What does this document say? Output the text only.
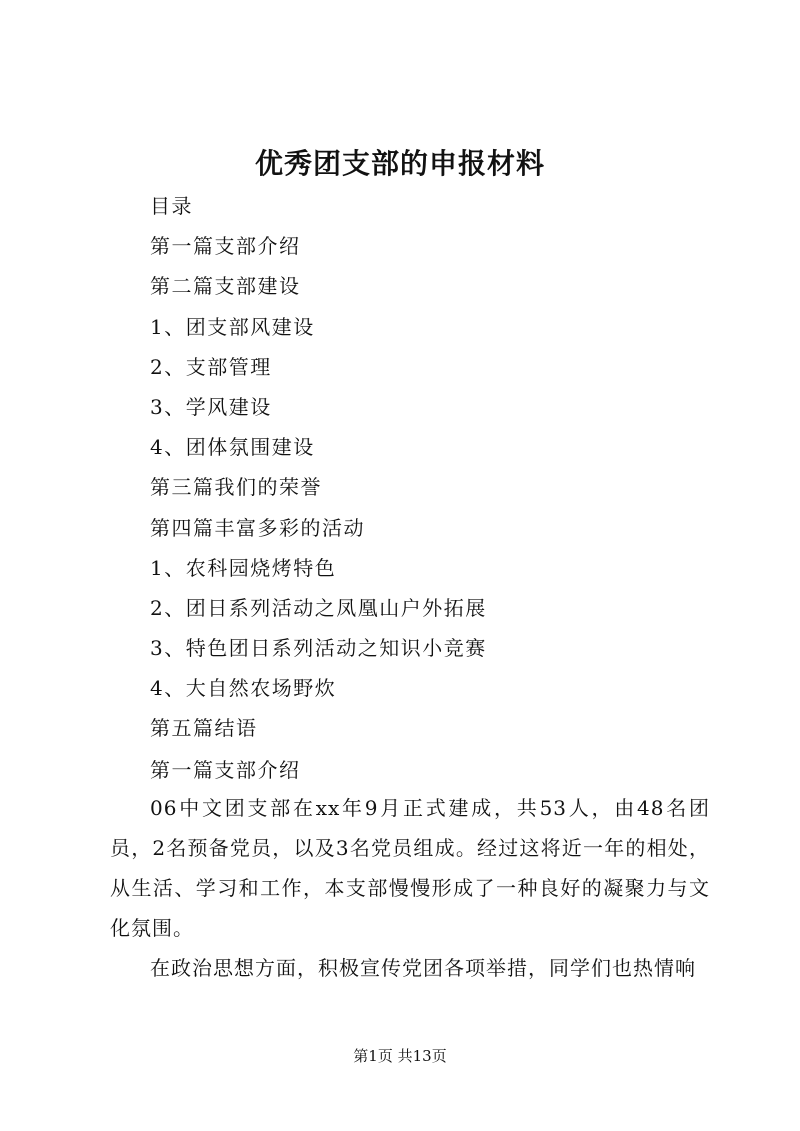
优秀团支部的申报材料
目录
第一篇支部介绍
第二篇支部建设
1、团支部风建设
2、支部管理
3、学风建设
4、团体氛围建设
第三篇我们的荣誉
第四篇丰富多彩的活动
1、农科园烧烤特色
2、团日系列活动之凤凰山户外拓展
3、特色团日系列活动之知识小竞赛
4、大自然农场野炊
第五篇结语
第一篇支部介绍

06中文团支部在xx年9月正式建成，共53人，由48名团员，2名预备党员，以及3名党员组成。经过这将近一年的相处，从生活、学习和工作，本支部慢慢形成了一种良好的凝聚力与文化氛围。

在政治思想方面，积极宣传党团各项举措，同学们也热情响

第1页 共13页
